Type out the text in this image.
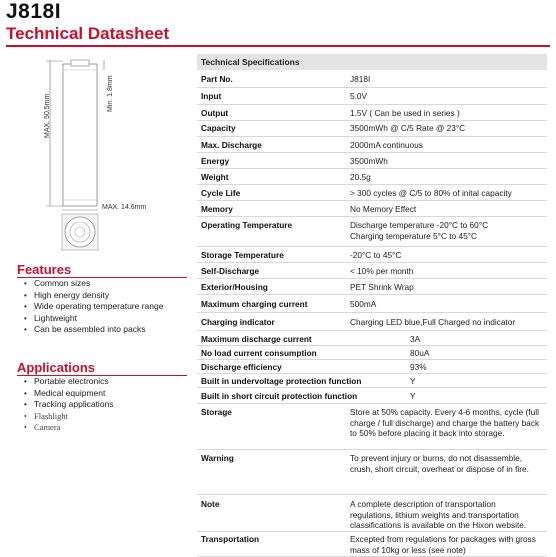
J818I
Technical Datasheet
MAX. 50.5mm	Min. 1.8mm
MAX. 14.6mm
Features
• Common sizes
• High energy density
• Wide operating temperature range
• Lightweight
• Can be assembled into packs
Applications
• Portable electronics
• Medical equipment
• Tracking applications
• Flashlight
• Camera
Technical Specifications
Part No.	J818I
Input	5.0V
Output	1.5V ( Can be used in series )
Capacity	3500mWh @ C/5 Rate @ 23°C
Max. Discharge	2000mA continuous
Energy	3500mWh
Weight	20.5g
Cycle Life	> 300 cycles @ C/5 to 80% of inital capacity
Memory	No Memory Effect
Operating Temperature	Discharge temperature -20°C to 60°C
Charging temperature 5°C to 45°C
Storage Temperature	-20°C to 45°C
Self-Discharge	< 10% per month
Exterior/Housing	PET Shrink Wrap
Maximum charging current	500mA
Charging indicator	Charging LED blue,Full Charged no indicator
Maximum discharge current	3A
No load current consumption	80uA
Discharge efficiency	93%
Built in undervoltage protection function	Y
Built in short circuit protection function	Y
Storage	Store at 50% capacity. Every 4-6 months, cycle (full charge / full discharge) and charge the battery back to 50% before placing it back into storage.
Warning	To prevent injury or burns, do not disassemble, crush, short circuit, overheat or dispose of in fire.
Note	A complete description of transportation regulations, lithium weights and transportation classifications is available on the Hixon website.
Transportation	Excepted from regulations for packages with gross mass of 10kg or less (see note)
